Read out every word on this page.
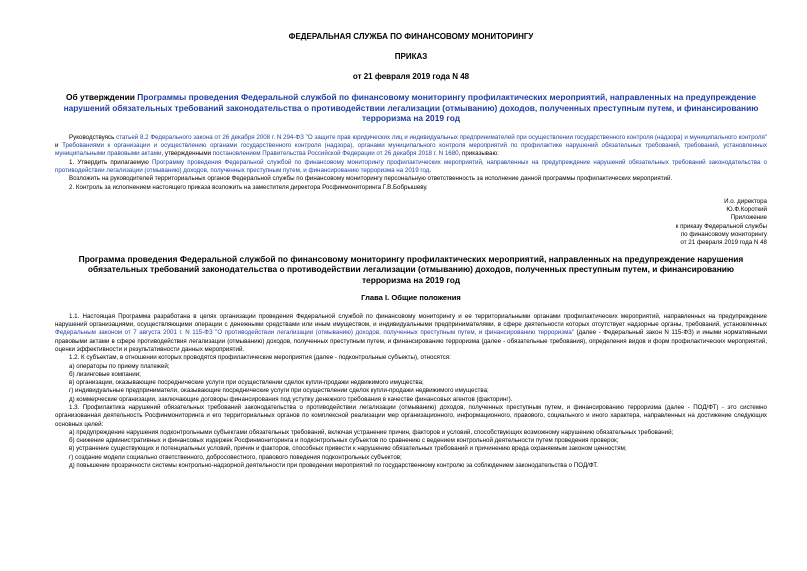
ФЕДЕРАЛЬНАЯ СЛУЖБА ПО ФИНАНСОВОМУ МОНИТОРИНГУ

ПРИКАЗ

от 21 февраля 2019 года N 48

Об утверждении Программы проведения Федеральной службой по финансовому мониторингу профилактических мероприятий, направленных на предупреждение нарушений обязательных требований законодательства о противодействии легализации (отмыванию) доходов, полученных преступным путем, и финансированию терроризма на 2019 год

Руководствуясь статьей 8.2 Федерального закона от 26 декабря 2008 г. N 294-ФЗ "О защите прав юридических лиц и индивидуальных предпринимателей при осуществлении государственного контроля (надзора) и муниципального контроля" и Требованиями к организации и осуществлению органами государственного контроля (надзора), органами муниципального контроля мероприятий по профилактике нарушений обязательных требований, требований, установленных муниципальными правовыми актами, утвержденными постановлением Правительства Российской Федерации от 26 декабря 2018 г. N 1680, приказываю:

1. Утвердить прилагаемую Программу проведения Федеральной службой по финансовому мониторингу профилактических мероприятий, направленных на предупреждение нарушений обязательных требований законодательства о противодействии легализации (отмыванию) доходов, полученных преступным путем, и финансированию терроризма на 2019 год.

Возложить на руководителей территориальных органов Федеральной службы по финансовому мониторингу персональную ответственность за исполнение данной программы профилактических мероприятий.

2. Контроль за исполнением настоящего приказа возложить на заместителя директора Росфинмониторинга Г.В.Бобрышеву.

И.о. директора

Ю.Ф.Короткий

Приложение

к приказу Федеральной службы

по финансовому мониторингу

от 21 февраля 2019 года N 48

Программа проведения Федеральной службой по финансовому мониторингу профилактических мероприятий, направленных на предупреждение нарушения обязательных требований законодательства о противодействии легализации (отмыванию) доходов, полученных преступным путем, и финансированию терроризма на 2019 год

Глава I. Общие положения

1.1. Настоящая Программа разработана в целях организации проведения Федеральной службой по финансовому мониторингу и ее территориальными органами профилактических мероприятий, направленных на предупреждение нарушений организациями, осуществляющими операции с денежными средствами или иным имуществом, и индивидуальными предпринимателями, в сфере деятельности которых отсутствует надзорные органы, требований, установленных Федеральным законом от 7 августа 2001 г. N 115-ФЗ "О противодействии легализации (отмыванию) доходов, полученных преступным путем, и финансированию терроризма" (далее - Федеральный закон N 115-ФЗ) и иными нормативными правовыми актами в сфере противодействия легализации (отмыванию) доходов, полученных преступным путем, и финансированию терроризма (далее - обязательные требования), определения видов и форм профилактических мероприятий, оценки эффективности и результативности данных мероприятий.

1.2. К субъектам, в отношении которых проводятся профилактические мероприятия (далее - подконтрольные субъекты), относятся:

а) операторы по приему платежей;

б) лизинговые компании;

в) организации, оказывающие посреднические услуги при осуществлении сделок купли-продажи недвижимого имущества;

г) индивидуальные предприниматели, оказывающие посреднические услуги при осуществлении сделок купли-продажи недвижимого имущества;

д) коммерческие организации, заключающие договоры финансирования под уступку денежного требования в качестве финансовых агентов (факторинг).

1.3. Профилактика нарушений обязательных требований законодательства о противодействии легализации (отмыванию) доходов, полученных преступным путем, и финансированию терроризма (далее - ПОД/ФТ) - это системно организованная деятельность Росфинмониторинга и его территориальных органов по комплексной реализации мер организационного, информационного, правового, социального и иного характера, направленных на достижение следующих основных целей:

а) предупреждение нарушения подконтрольными субъектами обязательных требований, включая устранение причин, факторов и условий, способствующих возможному нарушению обязательных требований;

б) снижение административных и финансовых издержек Росфинмониторинга и подконтрольных субъектов по сравнению с ведением контрольной деятельности путем проведения проверок;

в) устранение существующих и потенциальных условий, причин и факторов, способных привести к нарушению обязательных требований и причинению вреда охраняемым законом ценностям;

г) создание модели социально ответственного, добросовестного, правового поведения подконтрольных субъектов;

д) повышение прозрачности системы контрольно-надзорной деятельности при проведении мероприятий по государственному контролю за соблюдением законодательства о ПОД/ФТ.
